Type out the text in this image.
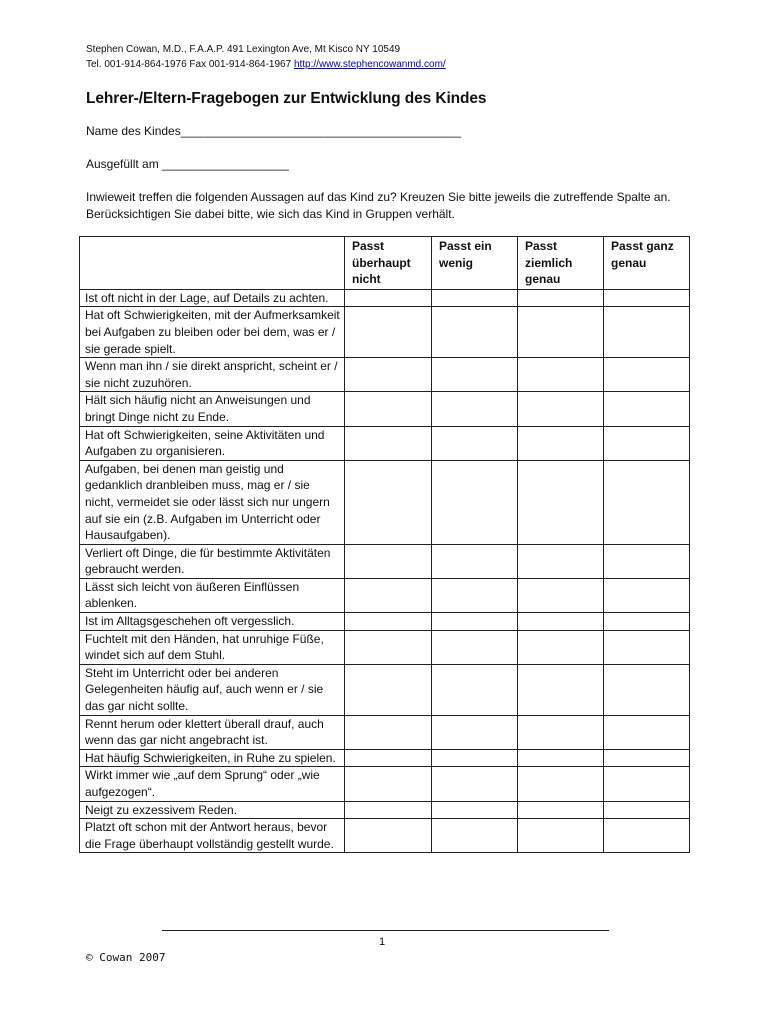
Stephen Cowan, M.D., F.A.A.P. 491 Lexington Ave, Mt Kisco NY 10549
Tel. 001-914-864-1976 Fax 001-914-864-1967 http://www.stephencowanmd.com/
Lehrer-/Eltern-Fragebogen zur Entwicklung des Kindes
Name des Kindes__________________________________________
Ausgefüllt am ___________________
Inwieweit treffen die folgenden Aussagen auf das Kind zu? Kreuzen Sie bitte jeweils die zutreffende Spalte an. Berücksichtigen Sie dabei bitte, wie sich das Kind in Gruppen verhält.
	Passt überhaupt nicht	Passt ein wenig	Passt ziemlich genau	Passt ganz genau
Ist oft nicht in der Lage, auf Details zu achten.				
Hat oft Schwierigkeiten, mit der Aufmerksamkeit bei Aufgaben zu bleiben oder bei dem, was er / sie gerade spielt.				
Wenn man ihn / sie direkt anspricht, scheint er / sie nicht zuzuhören.				
Hält sich häufig nicht an Anweisungen und bringt Dinge nicht zu Ende.				
Hat oft Schwierigkeiten, seine Aktivitäten und Aufgaben zu organisieren.				
Aufgaben, bei denen man geistig und gedanklich dranbleiben muss, mag er / sie nicht, vermeidet sie oder lässt sich nur ungern auf sie ein (z.B. Aufgaben im Unterricht oder Hausaufgaben).				
Verliert oft Dinge, die für bestimmte Aktivitäten gebraucht werden.				
Lässt sich leicht von äußeren Einflüssen ablenken.				
Ist im Alltagsgeschehen oft vergesslich.				
Fuchtelt mit den Händen, hat unruhige Füße, windet sich auf dem Stuhl.				
Steht im Unterricht oder bei anderen Gelegenheiten häufig auf, auch wenn er / sie das gar nicht sollte.				
Rennt herum oder klettert überall drauf, auch wenn das gar nicht angebracht ist.				
Hat häufig Schwierigkeiten, in Ruhe zu spielen.				
Wirkt immer wie „auf dem Sprung“ oder „wie aufgezogen“.				
Neigt zu exzessivem Reden.				
Platzt oft schon mit der Antwort heraus, bevor die Frage überhaupt vollständig gestellt wurde.				
1
© Cowan 2007
